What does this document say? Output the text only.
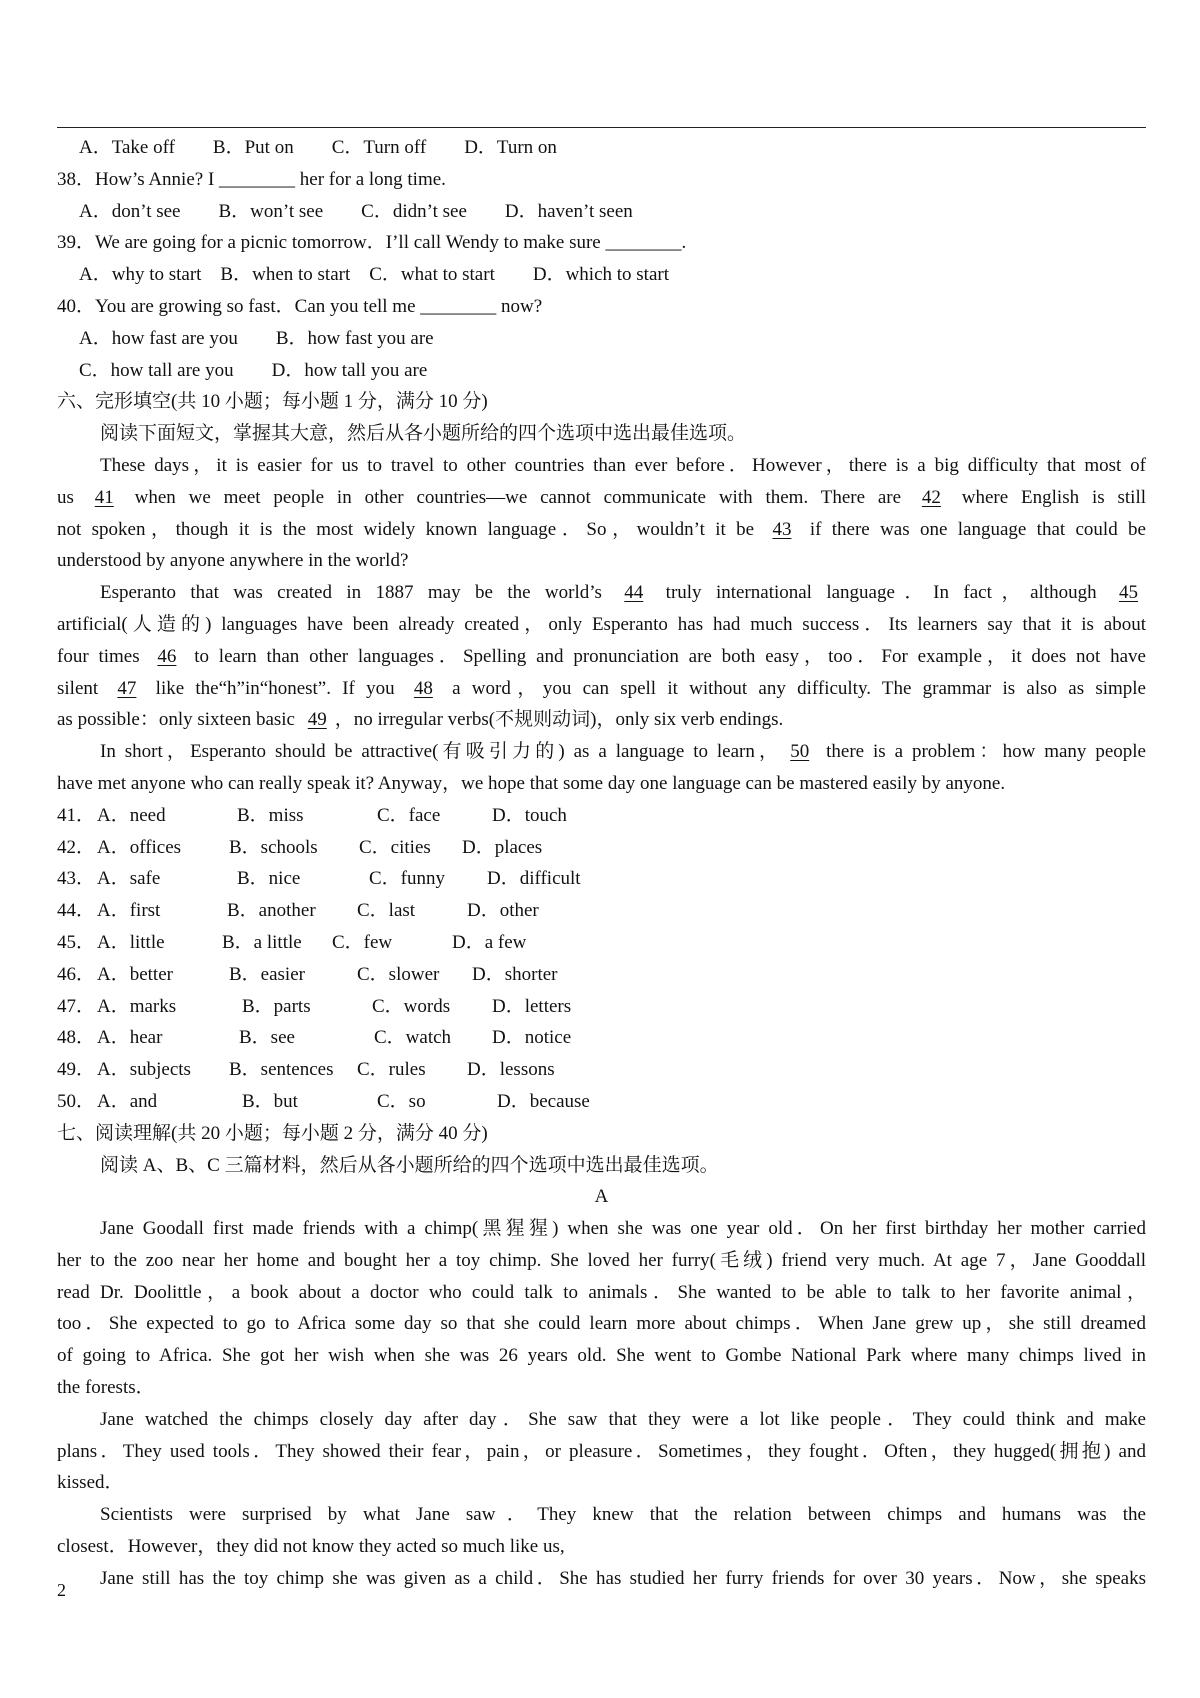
A．Take off　　B．Put on　　C．Turn off　　D．Turn on
38．How’s Annie? I ________ her for a long time.
A．don’t see　　B．won’t see　　C．didn’t see　　D．haven’t seen
39．We are going for a picnic tomorrow．I’ll call Wendy to make sure ________.
A．why to start　B．when to start　C．what to start　　D．which to start
40．You are growing so fast．Can you tell me ________ now?
A．how fast are you　　B．how fast you are
C．how tall are you　　D．how tall you are
六、完形填空(共 10 小题；每小题 1 分，满分 10 分)
阅读下面短文，掌握其大意，然后从各小题所给的四个选项中选出最佳选项。
These days，it is easier for us to travel to other countries than ever before．However，there is a big difficulty that most of
us 41 when we meet people in other countries—we cannot communicate with them. There are 42 where English is still
not spoken，though it is the most widely known language．So，wouldn’t it be 43 if there was one language that could be
understood by anyone anywhere in the world?
Esperanto that was created in 1887 may be the world’s 44 truly international language．In fact，although 45
artificial(人造的) languages have been already created，only Esperanto has had much success．Its learners say that it is about
four times 46 to learn than other languages．Spelling and pronunciation are both easy，too．For example，it does not have
silent 47 like the“h”in“honest”. If you 48 a word，you can spell it without any difficulty. The grammar is also as simple
as possible：only sixteen basic 49 ，no irregular verbs(不规则动词)，only six verb endings.
In short，Esperanto should be attractive(有吸引力的) as a language to learn， 50 there is a problem：how many people
have met anyone who can really speak it? Anyway，we hope that some day one language can be mastered easily by anyone.
41． A．need	B．miss	C．face	D．touch
42． A．offices	B．schools C．cities D．places
43． A．safe	B．nice	C．funny D．difficult
44． A．first	B．another C．last	D．other
45． A．little	B．a little C．few	D．a few
46． A．better	B．easier	C．slower D．shorter
47． A．marks	B．parts	C．words D．letters
48． A．hear	B．see	C．watch D．notice
49． A．subjects B．sentences C．rules D．lessons
50． A．and	B．but	C．so	D．because
七、阅读理解(共 20 小题；每小题 2 分，满分 40 分)
阅读 A、B、C 三篇材料，然后从各小题所给的四个选项中选出最佳选项。
A
Jane Goodall first made friends with a chimp(黑猩猩) when she was one year old．On her first birthday her mother carried
her to the zoo near her home and bought her a toy chimp. She loved her furry(毛绒) friend very much. At age 7，Jane Gooddall
read Dr. Doolittle，a book about a doctor who could talk to animals．She wanted to be able to talk to her favorite animal，
too．She expected to go to Africa some day so that she could learn more about chimps．When Jane grew up，she still dreamed
of going to Africa. She got her wish when she was 26 years old. She went to Gombe National Park where many chimps lived in
the forests．
Jane watched the chimps closely day after day．She saw that they were a lot like people．They could think and make
plans．They used tools．They showed their fear，pain，or pleasure．Sometimes，they fought．Often，they hugged(拥抱) and
kissed．
Scientists were surprised by what Jane saw．They knew that the relation between chimps and humans was the
closest．However，they did not know they acted so much like us,
Jane still has the toy chimp she was given as a child．She has studied her furry friends for over 30 years．Now，she speaks
2
